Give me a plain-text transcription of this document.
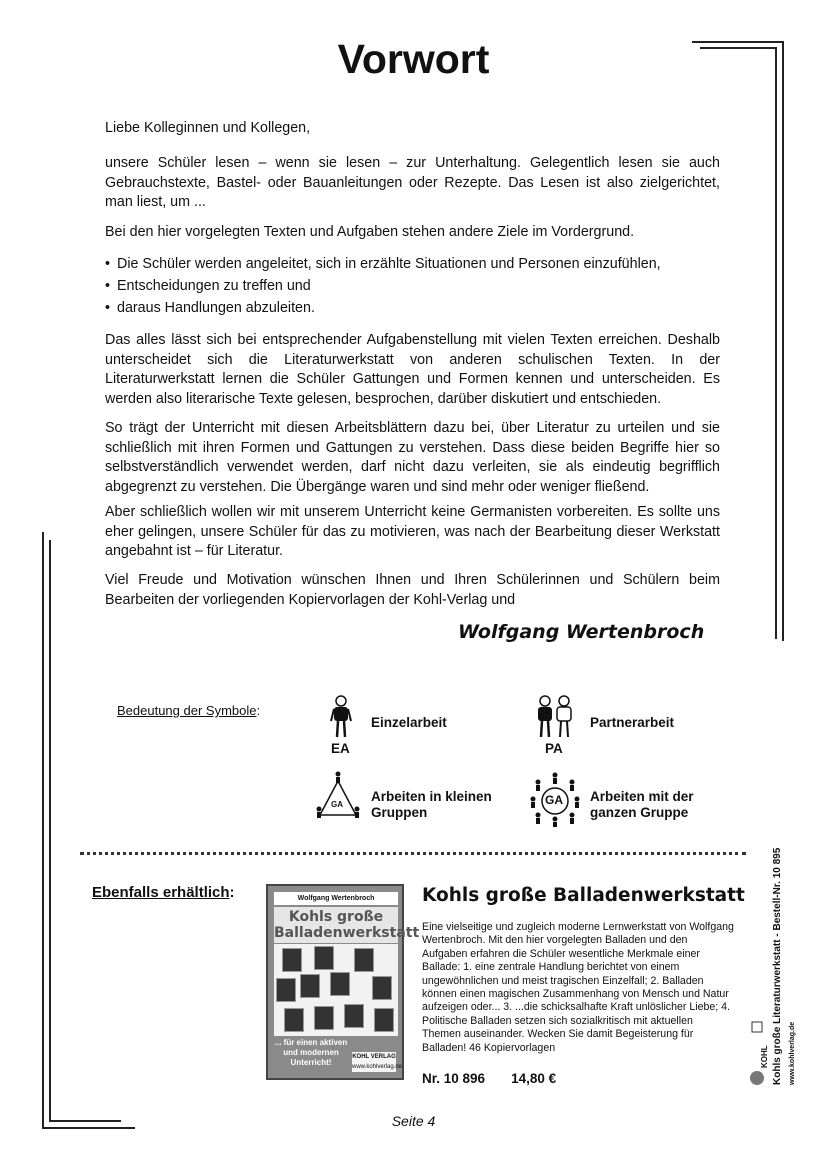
Vorwort

Liebe Kolleginnen und Kollegen,

unsere Schüler lesen – wenn sie lesen – zur Unterhaltung. Gelegentlich lesen sie auch Gebrauchstexte, Bastel- oder Bauanleitungen oder Rezepte. Das Lesen ist also zielgerichtet, man liest, um ...

Bei den hier vorgelegten Texten und Aufgaben stehen andere Ziele im Vordergrund.

• Die Schüler werden angeleitet, sich in erzählte Situationen und Personen einzufühlen,
• Entscheidungen zu treffen und
• daraus Handlungen abzuleiten.

Das alles lässt sich bei entsprechender Aufgabenstellung mit vielen Texten erreichen. Deshalb unterscheidet sich die Literaturwerkstatt von anderen schulischen Texten. In der Literaturwerkstatt lernen die Schüler Gattungen und Formen kennen und unterscheiden. Es werden also literarische Texte gelesen, besprochen, darüber diskutiert und entschieden.

So trägt der Unterricht mit diesen Arbeitsblättern dazu bei, über Literatur zu urteilen und sie schließlich mit ihren Formen und Gattungen zu verstehen. Dass diese beiden Begriffe hier so selbstverständlich verwendet werden, darf nicht dazu verleiten, sie als eindeutig begrifflich abgegrenzt zu verstehen. Die Übergänge waren und sind mehr oder weniger fließend.

Aber schließlich wollen wir mit unserem Unterricht keine Germanisten vorbereiten. Es sollte uns eher gelingen, unsere Schüler für das zu motivieren, was nach der Bearbeitung dieser Werkstatt angebahnt ist – für Literatur.

Viel Freude und Motivation wünschen Ihnen und Ihren Schülerinnen und Schülern beim Bearbeiten der vorliegenden Kopiervorlagen der Kohl-Verlag und

Wolfgang Wertenbroch

Bedeutung der Symbole:

EA

Einzelarbeit

PA

Partnerarbeit

GA

Arbeiten in kleinen Gruppen

GA Arbeiten mit der ganzen Gruppe

Ebenfalls erhältlich:	Wolfgang Wertenbroch
Kohls große Balladenwerkstatt
... für einen aktiven und modernen Unterricht!
KOHL VERLAG
www.kohlverlag.de

Kohls große Balladenwerkstatt

Eine vielseitige und zugleich moderne Lernwerkstatt von Wolfgang Wertenbroch. Mit den hier vorgelegten Balladen und den Aufgaben erfahren die Schüler wesentliche Merkmale einer Ballade: 1. eine zentrale Handlung berichtet von einem ungewöhnlichen und meist tragischen Einzelfall; 2. Balladen können einen magischen Zusammenhang von Mensch und Natur aufzeigen oder... 3. ...die schicksalhafte Kraft unlöslicher Liebe; 4. Politische Balladen setzen sich sozialkritisch mit aktuellen Themen auseinander. Wecken Sie damit Begeisterung für Balladen! 46 Kopiervorlagen

Nr. 10 896 14,80 €	Kohls große Literaturwerkstatt - Bestell-Nr. 10 895
KOHL	www.kohlverlag.de

Seite 4
